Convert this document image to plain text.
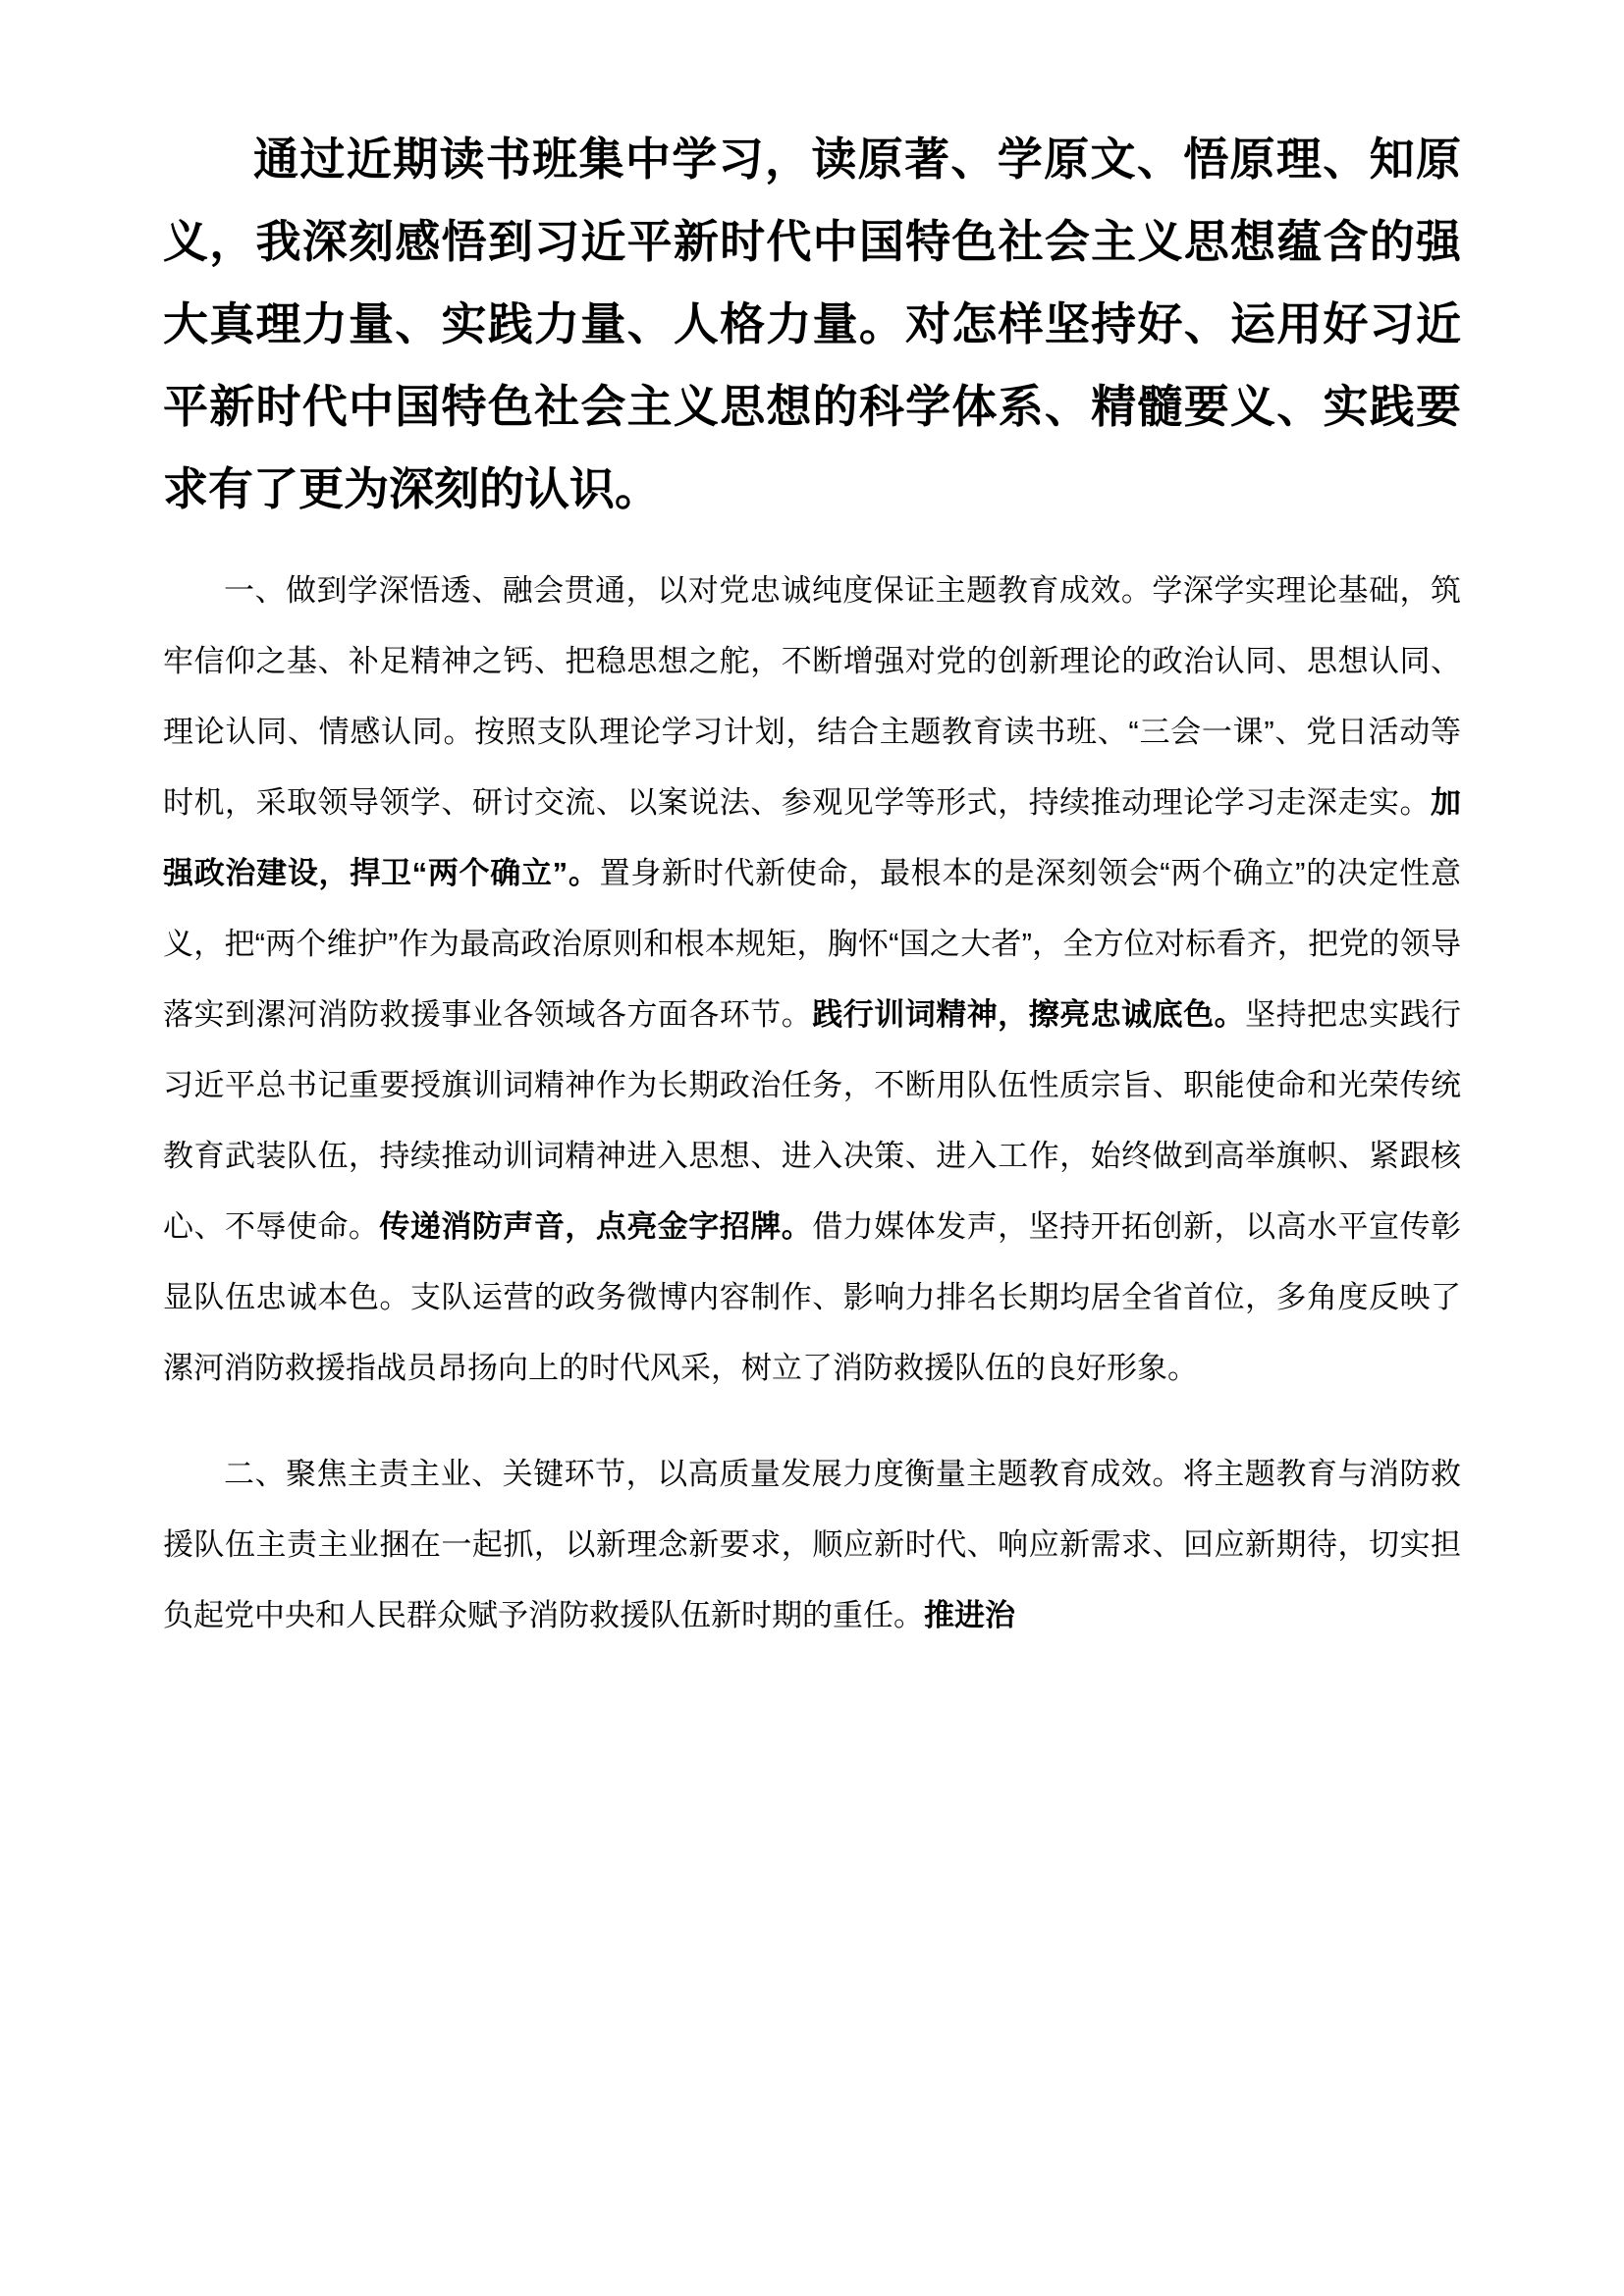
通过近期读书班集中学习，读原著、学原文、悟原理、知原义，我深刻感悟到习近平新时代中国特色社会主义思想蕴含的强大真理力量、实践力量、人格力量。对怎样坚持好、运用好习近平新时代中国特色社会主义思想的科学体系、精髓要义、实践要求有了更为深刻的认识。

一、做到学深悟透、融会贯通，以对党忠诚纯度保证主题教育成效。学深学实理论基础，筑牢信仰之基、补足精神之钙、把稳思想之舵，不断增强对党的创新理论的政治认同、思想认同、理论认同、情感认同。按照支队理论学习计划，结合主题教育读书班、“三会一课”、党日活动等时机，采取领导领学、研讨交流、以案说法、参观见学等形式，持续推动理论学习走深走实。加强政治建设，捍卫“两个确立”。置身新时代新使命，最根本的是深刻领会“两个确立”的决定性意义，把“两个维护”作为最高政治原则和根本规矩，胸怀“国之大者”，全方位对标看齐，把党的领导落实到漯河消防救援事业各领域各方面各环节。践行训词精神，擦亮忠诚底色。坚持把忠实践行习近平总书记重要授旗训词精神作为长期政治任务，不断用队伍性质宗旨、职能使命和光荣传统教育武装队伍，持续推动训词精神进入思想、进入决策、进入工作，始终做到高举旗帜、紧跟核心、不辱使命。传递消防声音，点亮金字招牌。借力媒体发声，坚持开拓创新，以高水平宣传彰显队伍忠诚本色。支队运营的政务微博内容制作、影响力排名长期均居全省首位，多角度反映了漯河消防救援指战员昂扬向上的时代风采，树立了消防救援队伍的良好形象。

二、聚焦主责主业、关键环节，以高质量发展力度衡量主题教育成效。将主题教育与消防救援队伍主责主业捆在一起抓，以新理念新要求，顺应新时代、响应新需求、回应新期待，切实担负起党中央和人民群众赋予消防救援队伍新时期的重任。推进治
